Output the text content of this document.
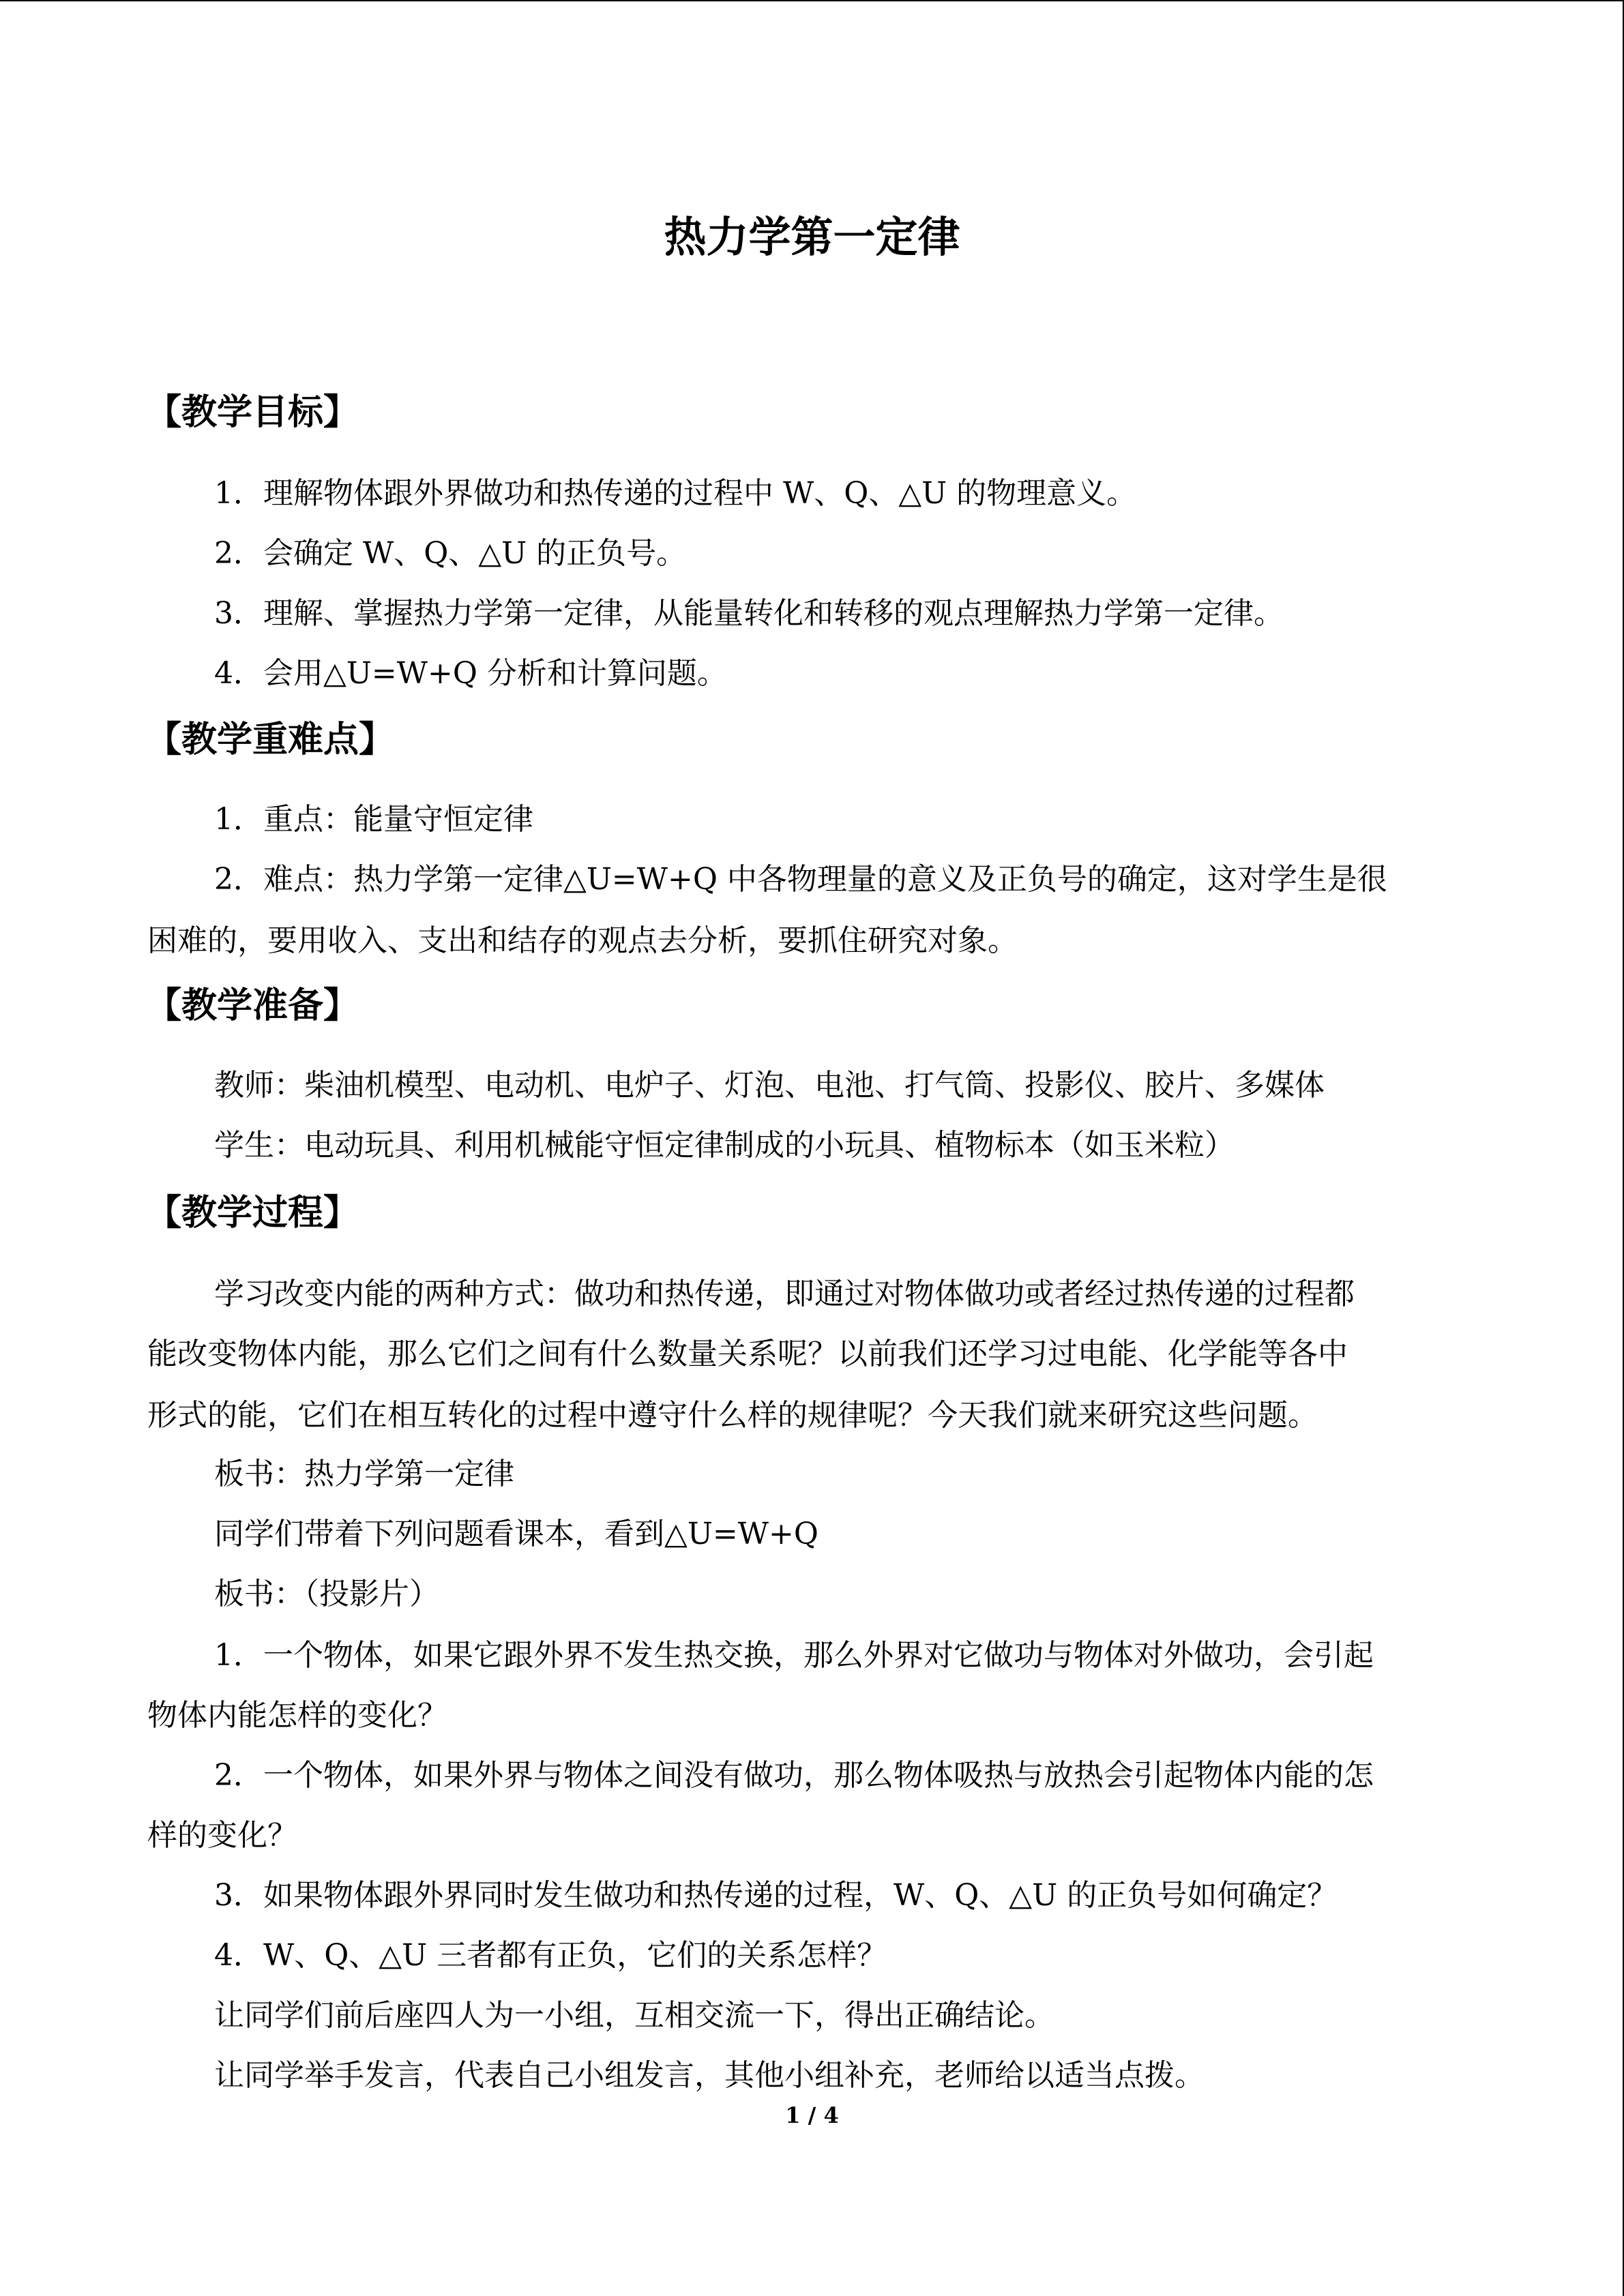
热力学第一定律
【教学目标】
1．理解物体跟外界做功和热传递的过程中 W、Q、△U 的物理意义。
2．会确定 W、Q、△U 的正负号。
3．理解、掌握热力学第一定律，从能量转化和转移的观点理解热力学第一定律。
4．会用△U=W+Q 分析和计算问题。
【教学重难点】
1．重点：能量守恒定律
2．难点：热力学第一定律△U=W+Q 中各物理量的意义及正负号的确定，这对学生是很
困难的，要用收入、支出和结存的观点去分析，要抓住研究对象。
【教学准备】
教师：柴油机模型、电动机、电炉子、灯泡、电池、打气筒、投影仪、胶片、多媒体
学生：电动玩具、利用机械能守恒定律制成的小玩具、植物标本（如玉米粒）
【教学过程】
学习改变内能的两种方式：做功和热传递，即通过对物体做功或者经过热传递的过程都
能改变物体内能，那么它们之间有什么数量关系呢？以前我们还学习过电能、化学能等各中
形式的能，它们在相互转化的过程中遵守什么样的规律呢？今天我们就来研究这些问题。
板书：热力学第一定律
同学们带着下列问题看课本，看到△U=W+Q
板书：（投影片）
1．一个物体，如果它跟外界不发生热交换，那么外界对它做功与物体对外做功，会引起
物体内能怎样的变化？
2．一个物体，如果外界与物体之间没有做功，那么物体吸热与放热会引起物体内能的怎
样的变化？
3．如果物体跟外界同时发生做功和热传递的过程，W、Q、△U 的正负号如何确定？
4．W、Q、△U 三者都有正负，它们的关系怎样？
让同学们前后座四人为一小组，互相交流一下，得出正确结论。
让同学举手发言，代表自己小组发言，其他小组补充，老师给以适当点拨。
1 / 4
